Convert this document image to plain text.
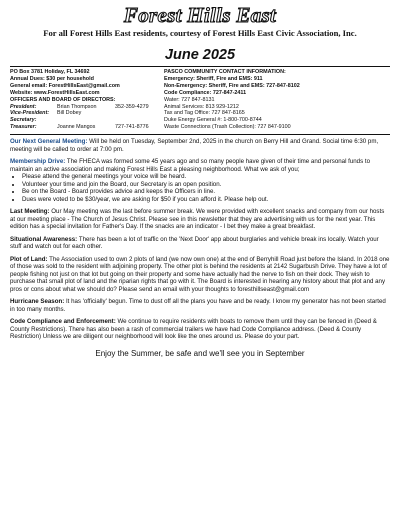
Forest Hills East
For all Forest Hills East residents, courtesy of Forest Hills East Civic Association, Inc.
June 2025
PO Box 3781 Holiday, FL 34692
Annual Dues: $30 per household
General email: ForestHillsEast@gmail.com
Website: www.ForestHillsEast.com
OFFICERS AND BOARD OF DIRECTORS:
President:	Brian Thompson	352-359-4279
Vice-President:	Bill Dobey
Secretary:
Treasurer:	Joanne Mangos	727-741-8776
PASCO COMMUNITY CONTACT INFORMATION:
Emergency: Sheriff, Fire and EMS: 911
Non-Emergency: Sheriff, Fire and EMS: 727-847-8102
Code Compliance: 727-847-2411
Water: 727 847-8131
Animal Services: 813 929-1212
Tax and Tag Office: 727 847-8165
Duke Energy General #: 1-800-700-8744
Waste Connections (Trash Collection): 727 847-9100

Our Next General Meeting: Will be held on Tuesday, September 2nd, 2025 in the church on Berry Hill and Grand. Social time 6:30 pm, meeting will be called to order at 7:00 pm.

Membership Drive: The FHECA was formed some 45 years ago and so many people have given of their time and personal funds to maintain an active association and making Forest Hills East a pleasing neighborhood. What we ask of you;

• Please attend the general meetings your voice will be heard.
• Volunteer your time and join the Board, our Secretary is an open position.
• Be on the Board - Board provides advice and keeps the Officers in line.
• Dues were voted to be $30/year, we are asking for $50 if you can afford it. Please help out.

Last Meeting: Our May meeting was the last before summer break. We were provided with excellent snacks and company from our hosts at our meeting place - The Church of Jesus Christ. Please see in this newsletter that they are advertising with us for the next year. This edition has a special invitation for Father's Day. If the snacks are an indicator - I bet they make a great breakfast.

Situational Awareness: There has been a lot of traffic on the 'Next Door' app about burglaries and vehicle break ins locally. Watch your stuff and watch out for each other.

Plot of Land: The Association used to own 2 plots of land (we now own one) at the end of Berryhill Road just before the Island. In 2018 one of those was sold to the resident with adjoining property. The other plot is behind the residents at 2142 Sugarbush Drive. They have a lot of people fishing not just on that lot but going on their property and some have actually had the nerve to fish on their dock. They wish to purchase that small plot of land and the riparian rights that go with it. The Board is interested in hearing any history about that plot and any pros or cons about what we should do? Please send an email with your thoughts to foresthillseast@gmail.com

Hurricane Season: It has 'officially' begun. Time to dust off all the plans you have and be ready. I know my generator has not been started in too many months.

Code Compliance and Enforcement: We continue to require residents with boats to remove them until they can be fenced in (Deed & County Restrictions). There has also been a rash of commercial trailers we have had Code Compliance address. (Deed & County Restriction) Unless we are diligent our neighborhood will look like the ones around us. Please do your part.

Enjoy the Summer, be safe and we'll see you in September
